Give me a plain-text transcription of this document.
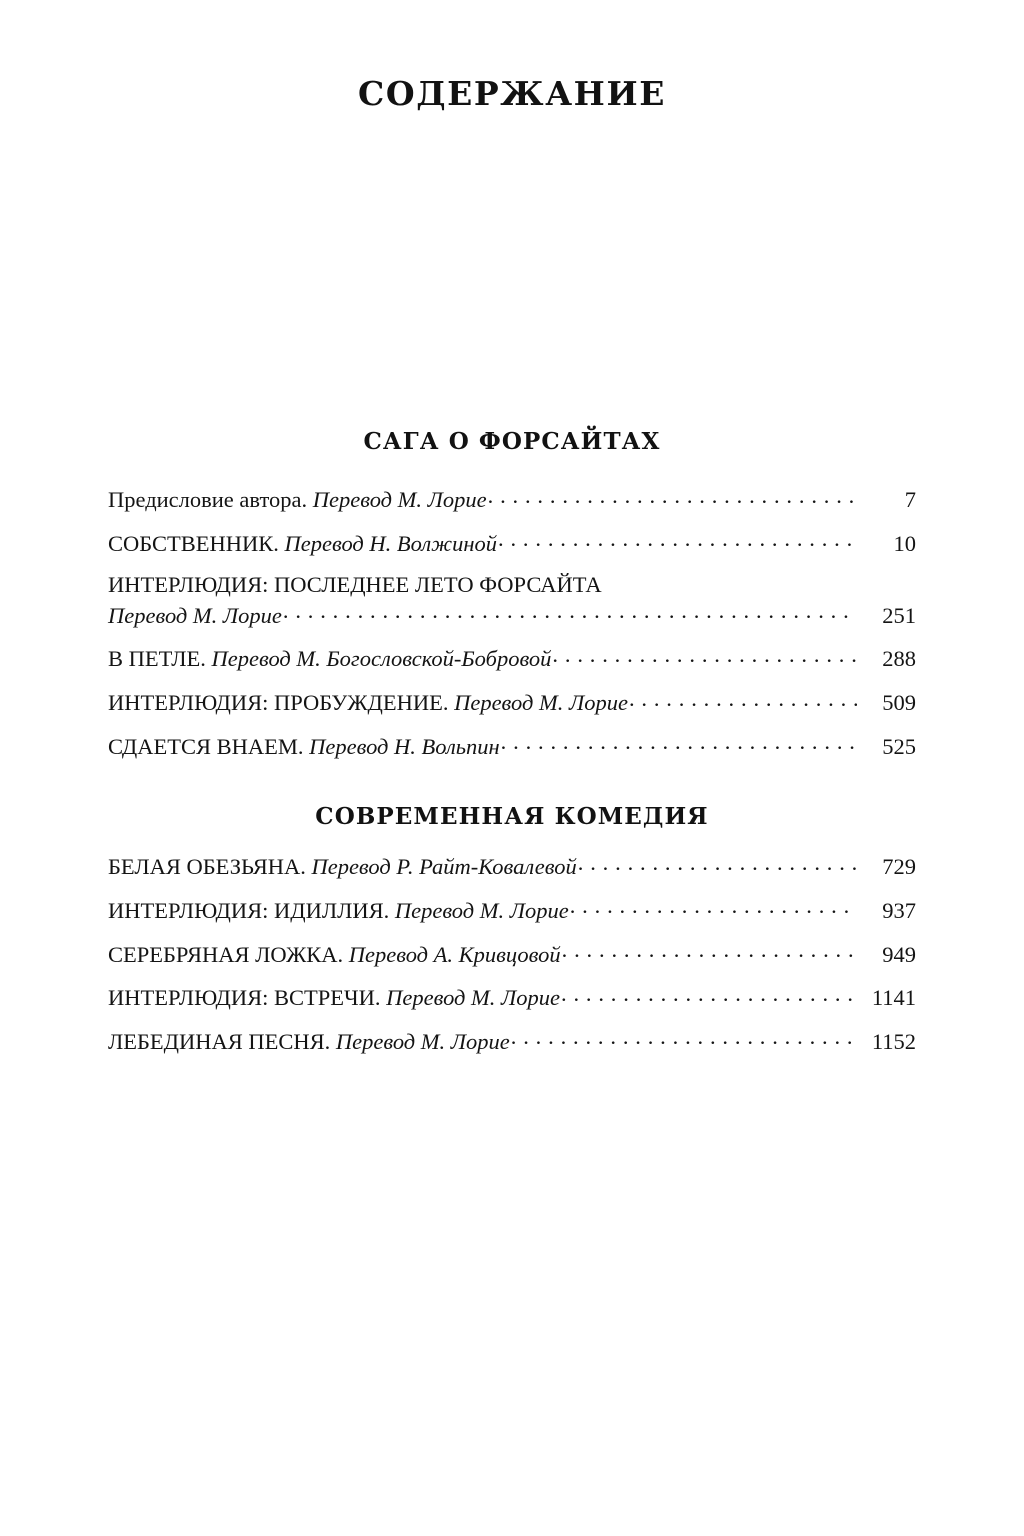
СОДЕРЖАНИЕ
САГА О ФОРСАЙТАХ
Предисловие автора. Перевод М. Лорие . . .	7
СОБСТВЕННИК. Перевод Н. Волжиной . . .	10
ИНТЕРЛЮДИЯ: ПОСЛЕДНЕЕ ЛЕТО ФОРСАЙТА
Перевод М. Лорие . . .	251
В ПЕТЛЕ. Перевод М. Богословской-Бобровой . . .	288
ИНТЕРЛЮДИЯ: ПРОБУЖДЕНИЕ. Перевод М. Лорие . . .	509
СДАЕТСЯ ВНАЕМ. Перевод Н. Вольпин . . .	525
СОВРЕМЕННАЯ КОМЕДИЯ
БЕЛАЯ ОБЕЗЬЯНА. Перевод Р. Райт-Ковалевой . . .	729
ИНТЕРЛЮДИЯ: ИДИЛЛИЯ. Перевод М. Лорие . . .	937
СЕРЕБРЯНАЯ ЛОЖКА. Перевод А. Кривцовой . . .	949
ИНТЕРЛЮДИЯ: ВСТРЕЧИ. Перевод М. Лорие . . .	1141
ЛЕБЕДИНАЯ ПЕСНЯ. Перевод М. Лорие . . .	1152
